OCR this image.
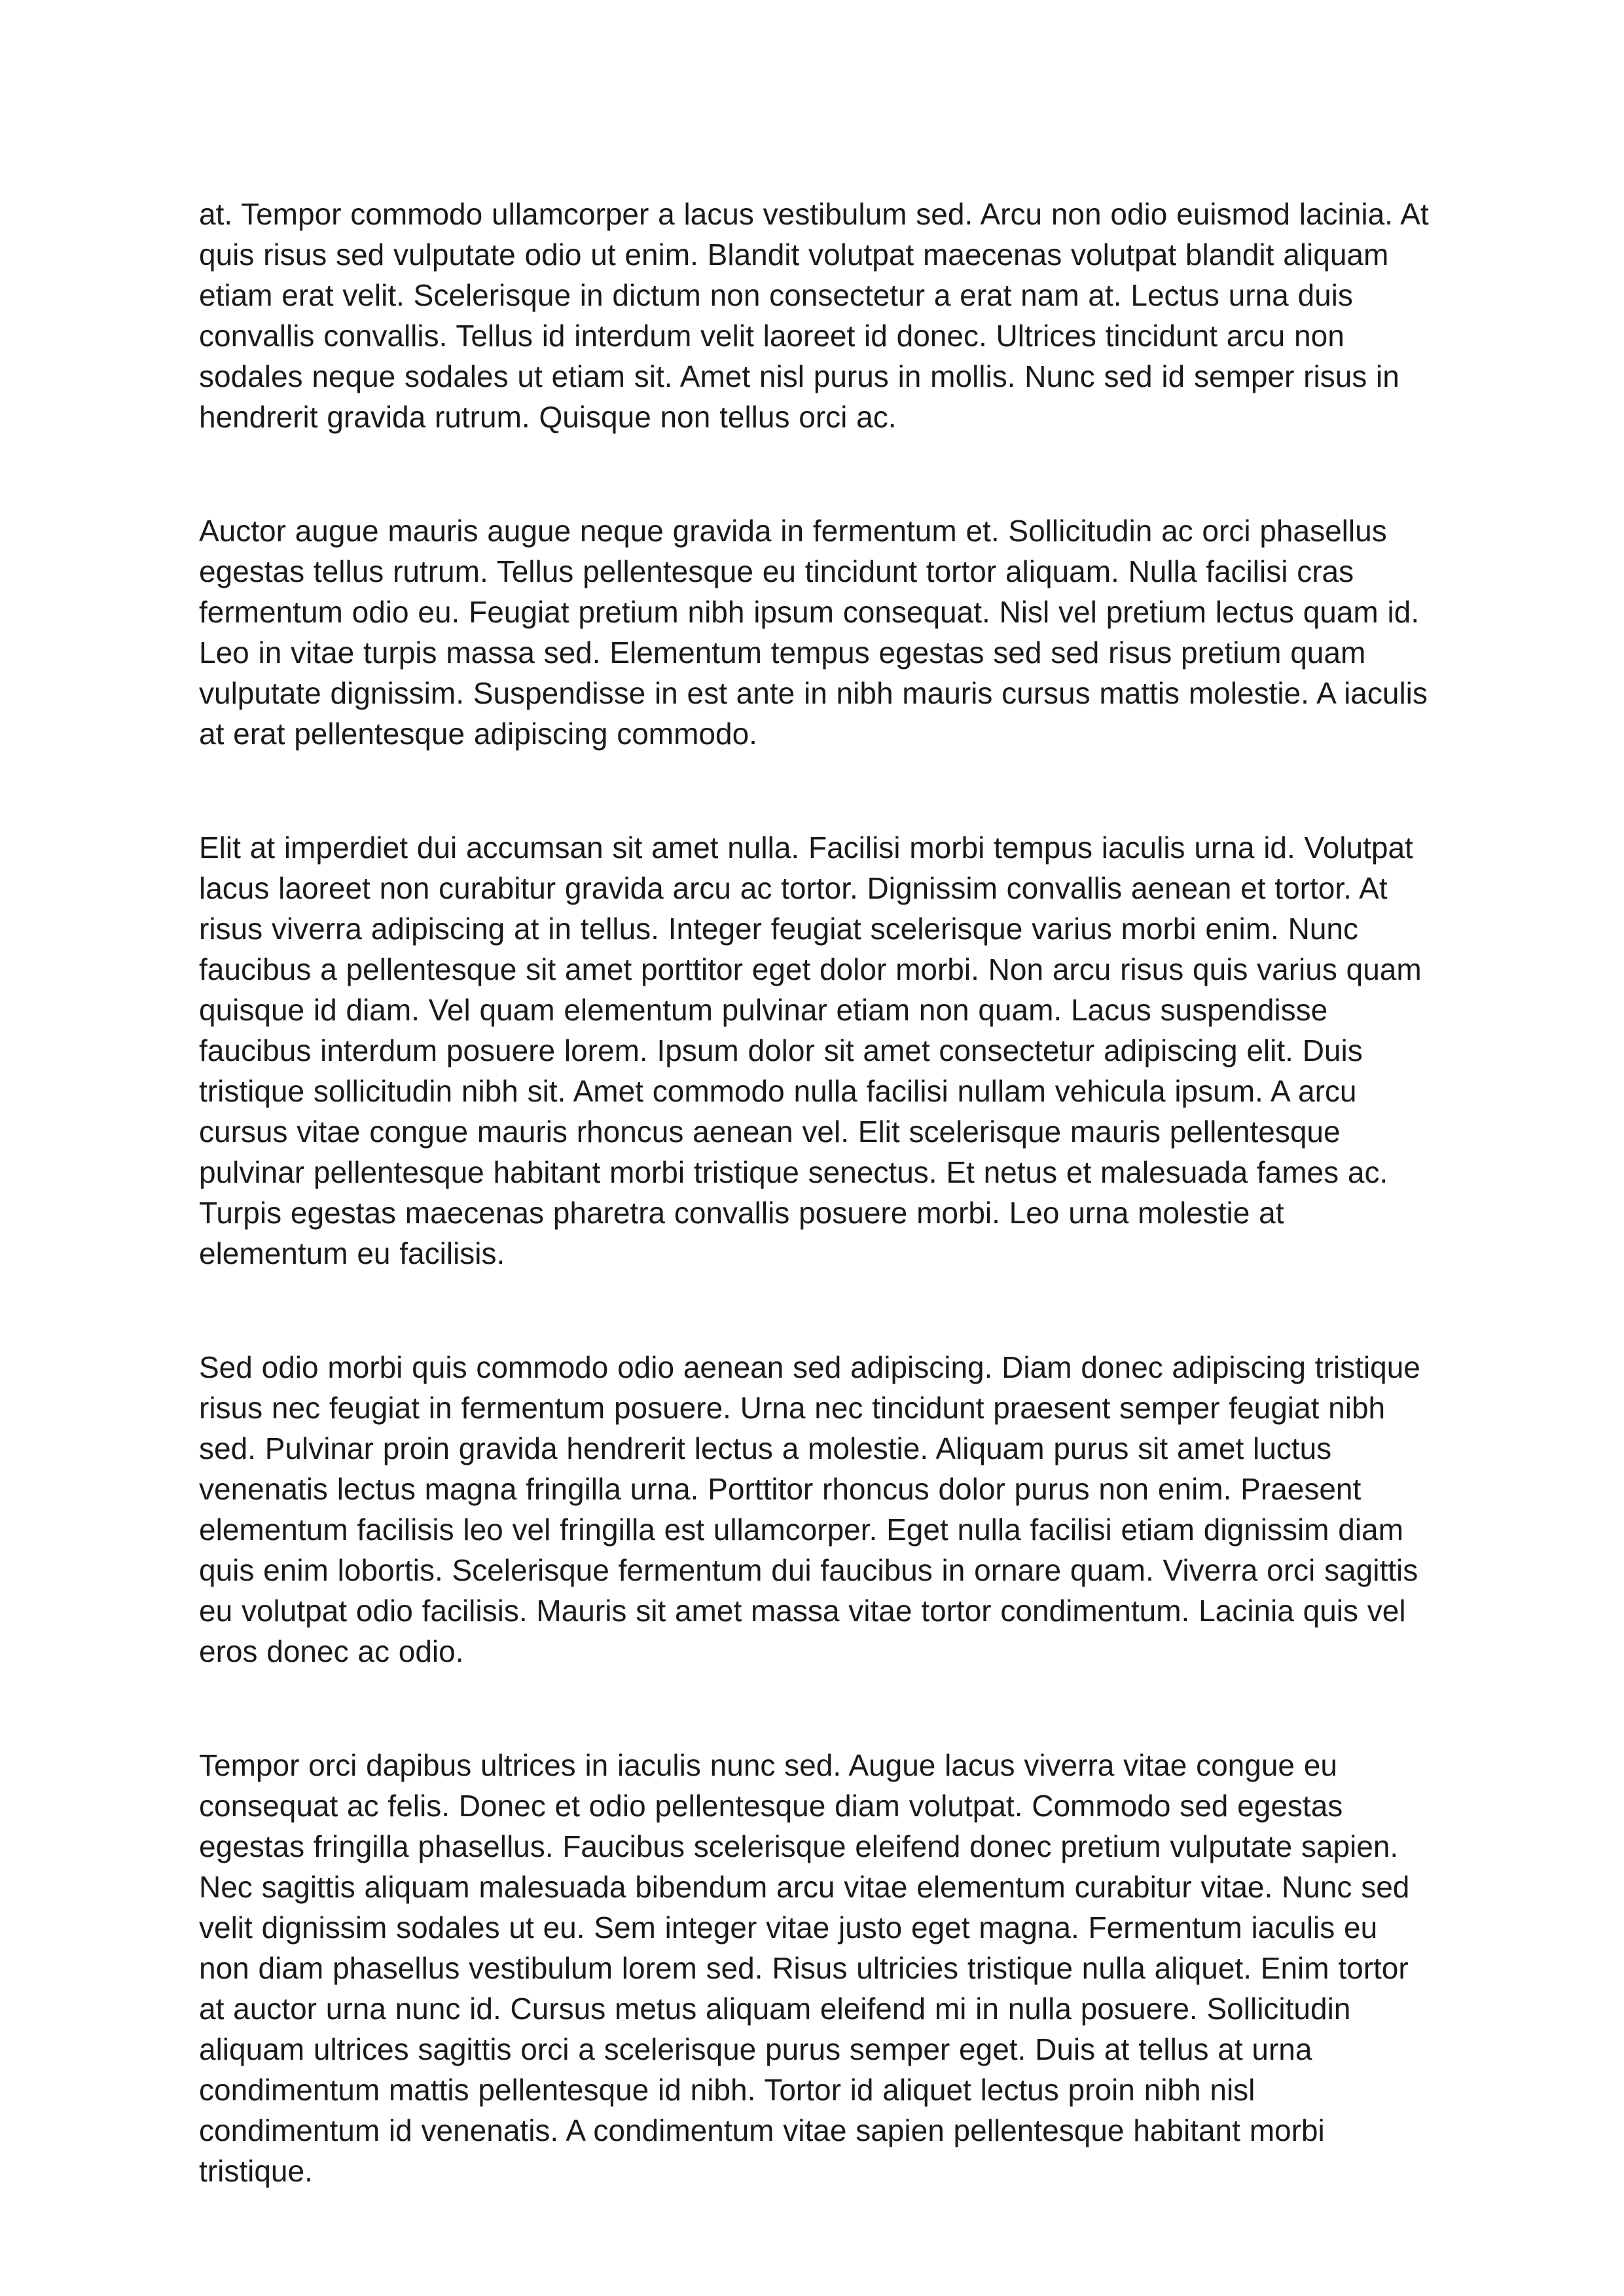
at. Tempor commodo ullamcorper a lacus vestibulum sed. Arcu non odio euismod lacinia. At quis risus sed vulputate odio ut enim. Blandit volutpat maecenas volutpat blandit aliquam etiam erat velit. Scelerisque in dictum non consectetur a erat nam at. Lectus urna duis convallis convallis. Tellus id interdum velit laoreet id donec. Ultrices tincidunt arcu non sodales neque sodales ut etiam sit. Amet nisl purus in mollis. Nunc sed id semper risus in hendrerit gravida rutrum. Quisque non tellus orci ac.

Auctor augue mauris augue neque gravida in fermentum et. Sollicitudin ac orci phasellus egestas tellus rutrum. Tellus pellentesque eu tincidunt tortor aliquam. Nulla facilisi cras fermentum odio eu. Feugiat pretium nibh ipsum consequat. Nisl vel pretium lectus quam id. Leo in vitae turpis massa sed. Elementum tempus egestas sed sed risus pretium quam vulputate dignissim. Suspendisse in est ante in nibh mauris cursus mattis molestie. A iaculis at erat pellentesque adipiscing commodo.

Elit at imperdiet dui accumsan sit amet nulla. Facilisi morbi tempus iaculis urna id. Volutpat lacus laoreet non curabitur gravida arcu ac tortor. Dignissim convallis aenean et tortor. At risus viverra adipiscing at in tellus. Integer feugiat scelerisque varius morbi enim. Nunc faucibus a pellentesque sit amet porttitor eget dolor morbi. Non arcu risus quis varius quam quisque id diam. Vel quam elementum pulvinar etiam non quam. Lacus suspendisse faucibus interdum posuere lorem. Ipsum dolor sit amet consectetur adipiscing elit. Duis tristique sollicitudin nibh sit. Amet commodo nulla facilisi nullam vehicula ipsum. A arcu cursus vitae congue mauris rhoncus aenean vel. Elit scelerisque mauris pellentesque pulvinar pellentesque habitant morbi tristique senectus. Et netus et malesuada fames ac. Turpis egestas maecenas pharetra convallis posuere morbi. Leo urna molestie at elementum eu facilisis.

Sed odio morbi quis commodo odio aenean sed adipiscing. Diam donec adipiscing tristique risus nec feugiat in fermentum posuere. Urna nec tincidunt praesent semper feugiat nibh sed. Pulvinar proin gravida hendrerit lectus a molestie. Aliquam purus sit amet luctus venenatis lectus magna fringilla urna. Porttitor rhoncus dolor purus non enim. Praesent elementum facilisis leo vel fringilla est ullamcorper. Eget nulla facilisi etiam dignissim diam quis enim lobortis. Scelerisque fermentum dui faucibus in ornare quam. Viverra orci sagittis eu volutpat odio facilisis. Mauris sit amet massa vitae tortor condimentum. Lacinia quis vel eros donec ac odio.

Tempor orci dapibus ultrices in iaculis nunc sed. Augue lacus viverra vitae congue eu consequat ac felis. Donec et odio pellentesque diam volutpat. Commodo sed egestas egestas fringilla phasellus. Faucibus scelerisque eleifend donec pretium vulputate sapien. Nec sagittis aliquam malesuada bibendum arcu vitae elementum curabitur vitae. Nunc sed velit dignissim sodales ut eu. Sem integer vitae justo eget magna. Fermentum iaculis eu non diam phasellus vestibulum lorem sed. Risus ultricies tristique nulla aliquet. Enim tortor at auctor urna nunc id. Cursus metus aliquam eleifend mi in nulla posuere. Sollicitudin aliquam ultrices sagittis orci a scelerisque purus semper eget. Duis at tellus at urna condimentum mattis pellentesque id nibh. Tortor id aliquet lectus proin nibh nisl condimentum id venenatis. A condimentum vitae sapien pellentesque habitant morbi tristique.
